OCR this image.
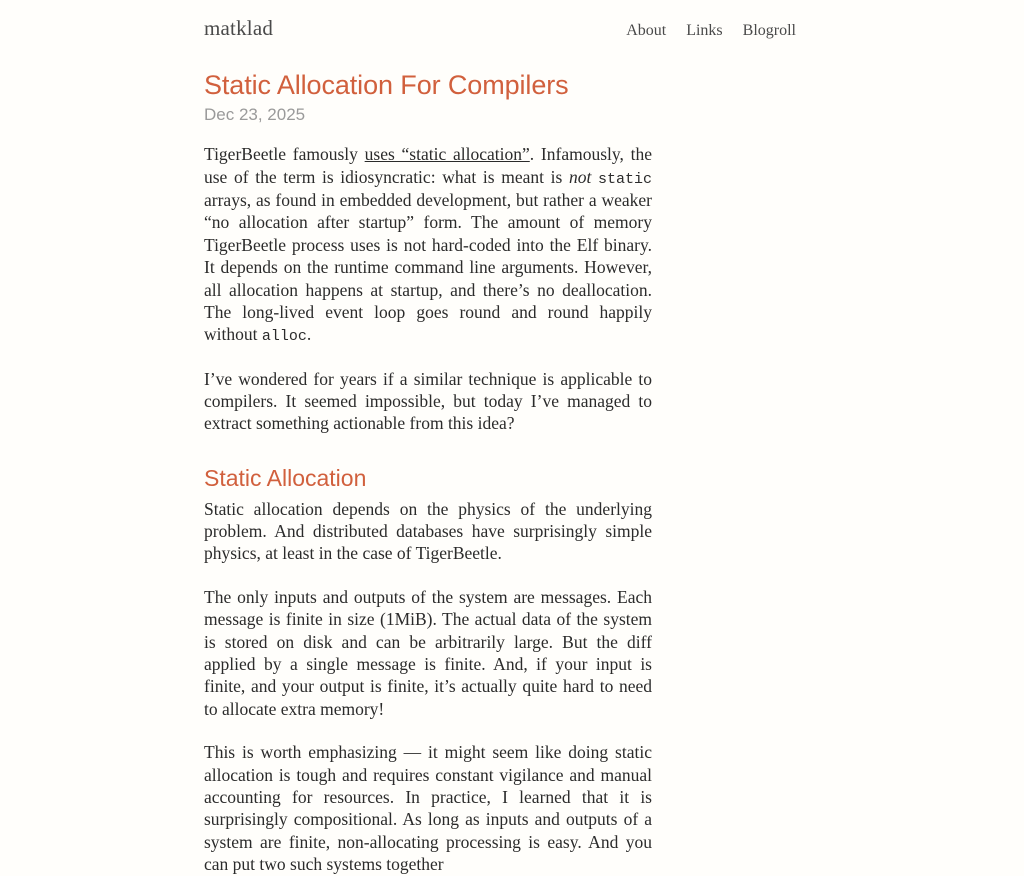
matklad	About Links Blogroll
Static Allocation For Compilers
Dec 23, 2025

TigerBeetle famously uses “static allocation”. Infamously, the use of the term is idiosyncratic: what is meant is not static arrays, as found in embedded development, but rather a weaker “no allocation after startup” form. The amount of memory TigerBeetle process uses is not hard-coded into the Elf binary. It depends on the runtime command line arguments. However, all allocation happens at startup, and there’s no deallocation. The long-lived event loop goes round and round happily without alloc.

I’ve wondered for years if a similar technique is applicable to compilers. It seemed impossible, but today I’ve managed to extract something actionable from this idea?

Static Allocation

Static allocation depends on the physics of the underlying problem. And distributed databases have surprisingly simple physics, at least in the case of TigerBeetle.

The only inputs and outputs of the system are messages. Each message is finite in size (1MiB). The actual data of the system is stored on disk and can be arbitrarily large. But the diff applied by a single message is finite. And, if your input is finite, and your output is finite, it’s actually quite hard to need to allocate extra memory!

This is worth emphasizing — it might seem like doing static allocation is tough and requires constant vigilance and manual accounting for resources. In practice, I learned that it is surprisingly compositional. As long as inputs and outputs of a system are finite, non-allocating processing is easy. And you can put two such systems together
